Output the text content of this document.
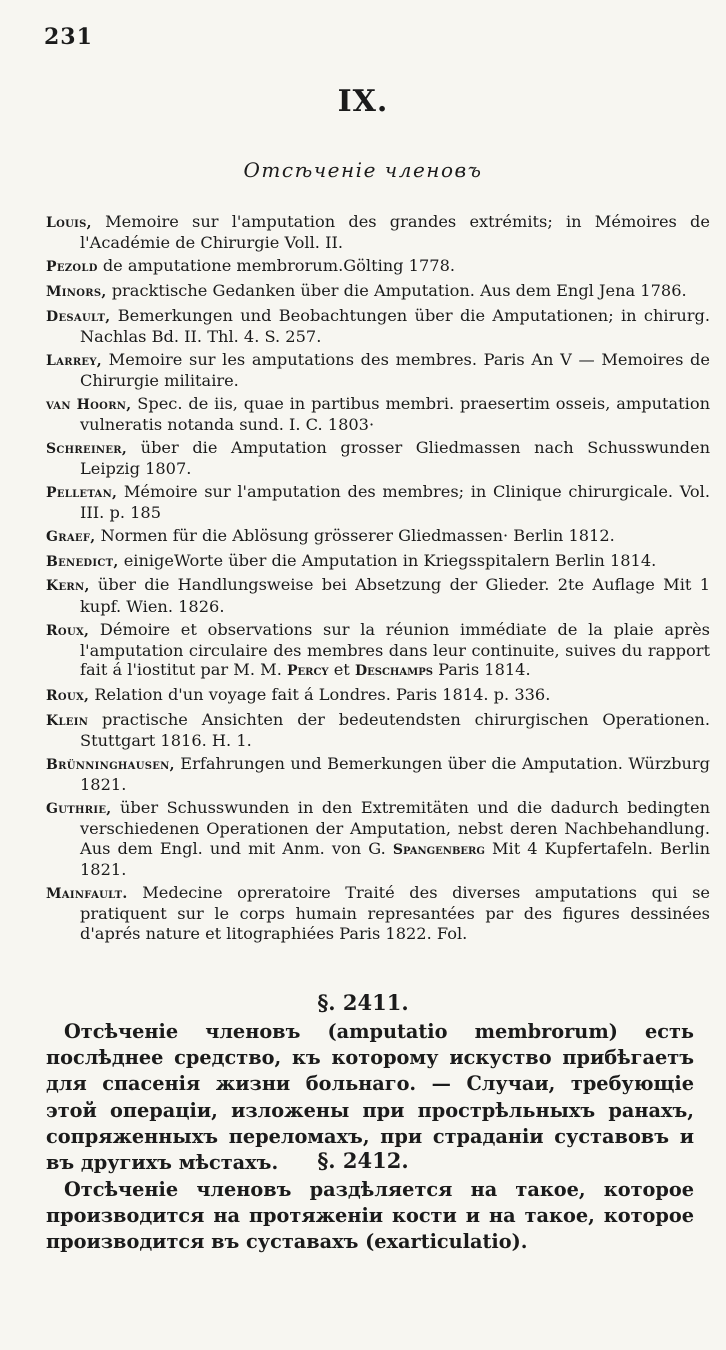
231
IX.
Отсѣченіе членовъ
Louis, Memoire sur l'amputation des grandes extrémits; in Mémoires de l'Académie de Chirurgie Voll. II.
Pezold de amputatione membrorum.Gölting 1778.
Minors, pracktische Gedanken über die Amputation. Aus dem Engl Jena 1786.
Desault, Bemerkungen und Beobachtungen über die Amputationen; in chirurg. Nachlas Bd. II. Thl. 4. S. 257.
Larrey, Memoire sur les amputations des membres. Paris An V — Memoires de Chirurgie militaire.
van Hoorn, Spec. de iis, quae in partibus membri. praesertim osseis, amputation vulneratis notanda sund. I. C. 1803·
Schreiner, über die Amputation grosser Gliedmassen nach Schusswunden Leipzig 1807.
Pelletan, Mémoire sur l'amputation des membres; in Clinique chirurgicale. Vol. III. p. 185
Graef, Normen für die Ablösung grösserer Gliedmassen· Berlin 1812.
Benedict, einigeWorte über die Amputation in Kriegsspitalern Berlin 1814.
Kern, über die Handlungsweise bei Absetzung der Glieder. 2te Auflage Mit 1 kupf. Wien. 1826.
Roux, Démoire et observations sur la réunion immédiate de la plaie après l'amputation circulaire des membres dans leur continuite, suives du rapport fait á l'iostitut par M. M. Percy et Deschamps Paris 1814.
Roux, Relation d'un voyage fait á Londres. Paris 1814. p. 336.
Klein practische Ansichten der bedeutendsten chirurgischen Operationen. Stuttgart 1816. H. 1.
Brünninghausen, Erfahrungen und Bemerkungen über die Amputation. Würzburg 1821.
Guthrie, über Schusswunden in den Extremitäten und die dadurch bedingten verschiedenen Operationen der Amputation, nebst deren Nachbehandlung. Aus dem Engl. und mit Anm. von G. Spangenberg Mit 4 Kupfertafeln. Berlin 1821.
Mainfault. Medecine opreratoire Traité des diverses amputations qui se pratiquent sur le corps humain represantées par des figures dessinées d'aprés nature et litographiées Paris 1822. Fol.
§. 2411.
Отсѣченіе членовъ (amputatio membrorum) есть послѣднее средство, къ которому искуство прибѣгаетъ для спасенія жизни больнаго. — Случаи, требующіе этой операціи, изложены при прострѣльныхъ ранахъ, сопряженныхъ переломахъ, при страданіи суставовъ и въ другихъ мѣстахъ.	§. 2412.
Отсѣченіе членовъ раздѣляется на такое, которое производится на протяженіи кости и на такое, которое производится въ суставахъ (exarticulatio).
